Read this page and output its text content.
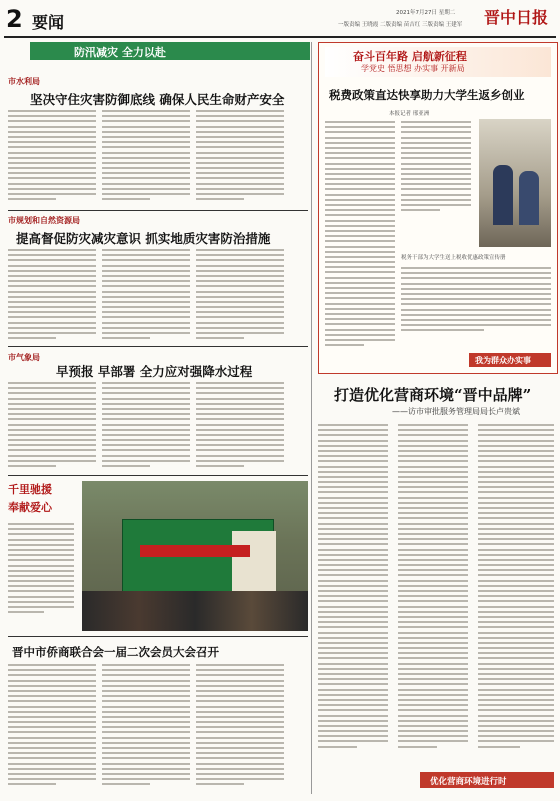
2 要闻	2021年7月27日 星期二
一版责编 王晓霞 二版责编 苗吉红 三版责编 王建军 晋中日报
防汛减灾 全力以赴
市水利局
坚决守住灾害防御底线 确保人民生命财产安全
市规划和自然资源局
提高督促防灾减灾意识 抓实地质灾害防治措施
市气象局
早预报 早部署 全力应对强降水过程
千里驰援
奉献爱心
晋中市侨商联合会一届二次会员大会召开
奋斗百年路 启航新征程
学党史 悟思想 办实事 开新局
税费政策直达快享助力大学生返乡创业
本报记者 邢亚洲
税务干部为大学生送上税收优惠政策宣传册
我为群众办实事
打造优化营商环境“晋中品牌”
——访市审批服务管理局局长卢贵斌
优化营商环境进行时
